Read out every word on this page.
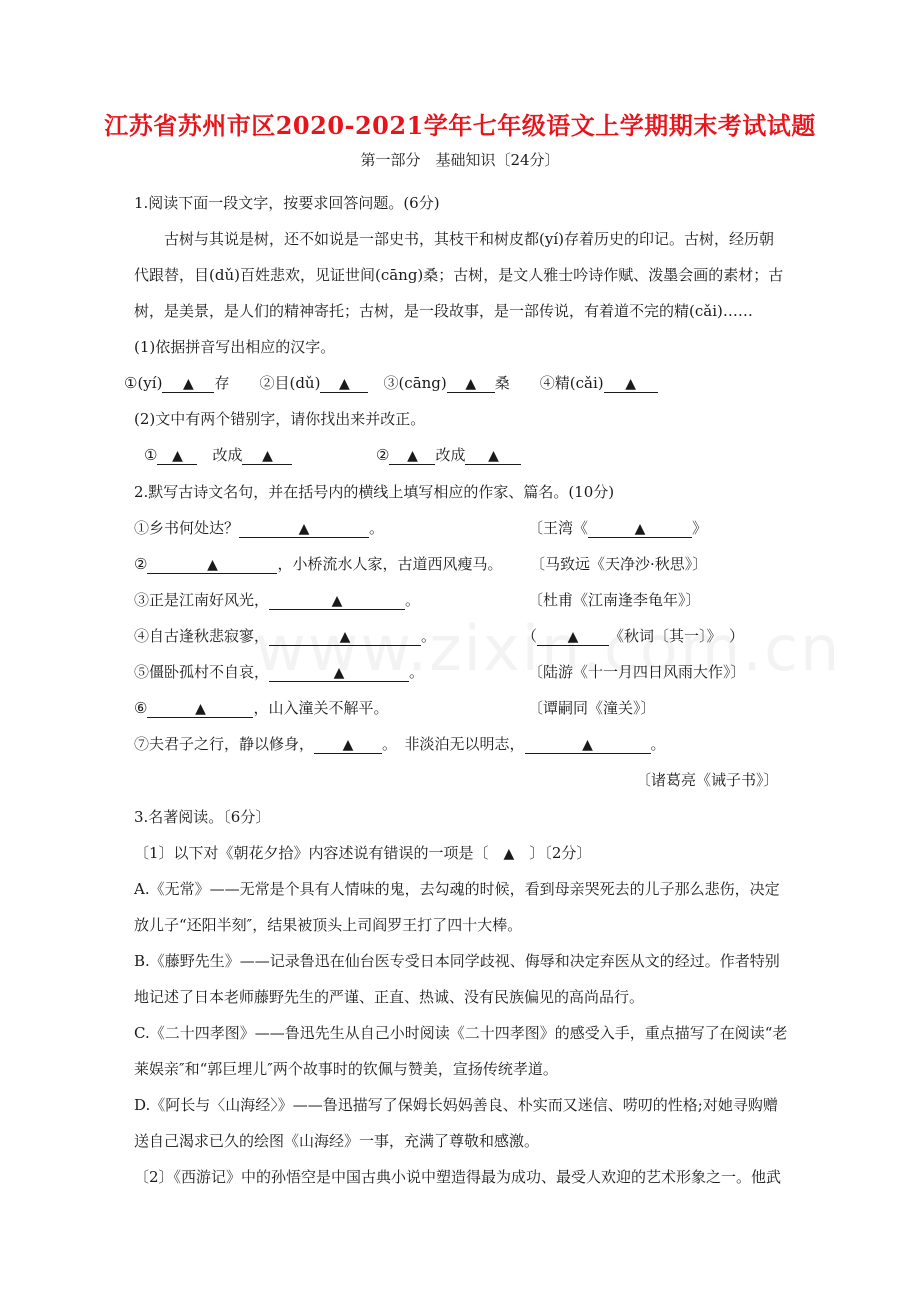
江苏省苏州市区2020-2021学年七年级语文上学期期末考试试题
第一部分　基础知识〔24分〕
1.阅读下面一段文字，按要求回答问题。(6分)
古树与其说是树，还不如说是一部史书，其枝干和树皮都(yí)存着历史的印记。古树，经历朝
代跟替，目(dǔ)百姓悲欢，见证世间(cāng)桑；古树，是文人雅士吟诗作赋、泼墨会画的素材；古
树，是美景，是人们的精神寄托；古树，是一段故事，是一部传说，有着道不完的精(cǎi)……
(1)依据拼音写出相应的汉字。
①(yí) ▲ 存　　 ②目(dǔ) ▲　 ③(cāng) ▲ 桑　　 ④精(cǎi) ▲
(2)文中有两个错别字，请你找出来并改正。
① ▲　 改成 ▲	② ▲ 改成 ▲
2.默写古诗文名句，并在括号内的横线上填写相应的作家、篇名。(10分)
①乡书何处达？	▲	。	〔王湾《	▲	》
②	▲	，小桥流水人家，古道西风瘦马。 〔马致远《天净沙·秋思》〕
③正是江南好风光，	▲	。	〔杜甫《江南逢李龟年》〕
④自古逢秋悲寂寥，	▲	。	（ ▲ 《秋词〔其一〕》　）
⑤僵卧孤村不自哀，	▲	。	〔陆游《十一月四日风雨大作》〕
⑥	▲	，山入潼关不解平。	〔谭嗣同《潼关》〕
⑦夫君子之行，静以修身， ▲ 。　非淡泊无以明志，	▲	。
〔诸葛亮《诫子书》〕
3.名著阅读。〔6分〕
〔1〕以下对《朝花夕拾》内容述说有错误的一项是〔　▲　〕〔2分〕
A.《无常》——无常是个具有人情味的鬼，去勾魂的时候，看到母亲哭死去的儿子那么悲伤，决定
放儿子“还阳半刻″，结果被顶头上司阎罗王打了四十大棒。
B.《藤野先生》——记录鲁迅在仙台医专受日本同学歧视、侮辱和决定弃医从文的经过。作者特别
地记述了日本老师藤野先生的严谨、正直、热诚、没有民族偏见的高尚品行。
C.《二十四孝图》——鲁迅先生从自己小时阅读《二十四孝图》的感受入手，重点描写了在阅读“老
莱娱亲″和“郭巨埋儿″两个故事时的钦佩与赞美，宣扬传统孝道。
D.《阿长与〈山海经〉》——鲁迅描写了保姆长妈妈善良、朴实而又迷信、唠叨的性格;对她寻购赠
送自己渴求已久的绘图《山海经》一事，充满了尊敬和感激。
〔2〕《西游记》中的孙悟空是中国古典小说中塑造得最为成功、最受人欢迎的艺术形象之一。他武
